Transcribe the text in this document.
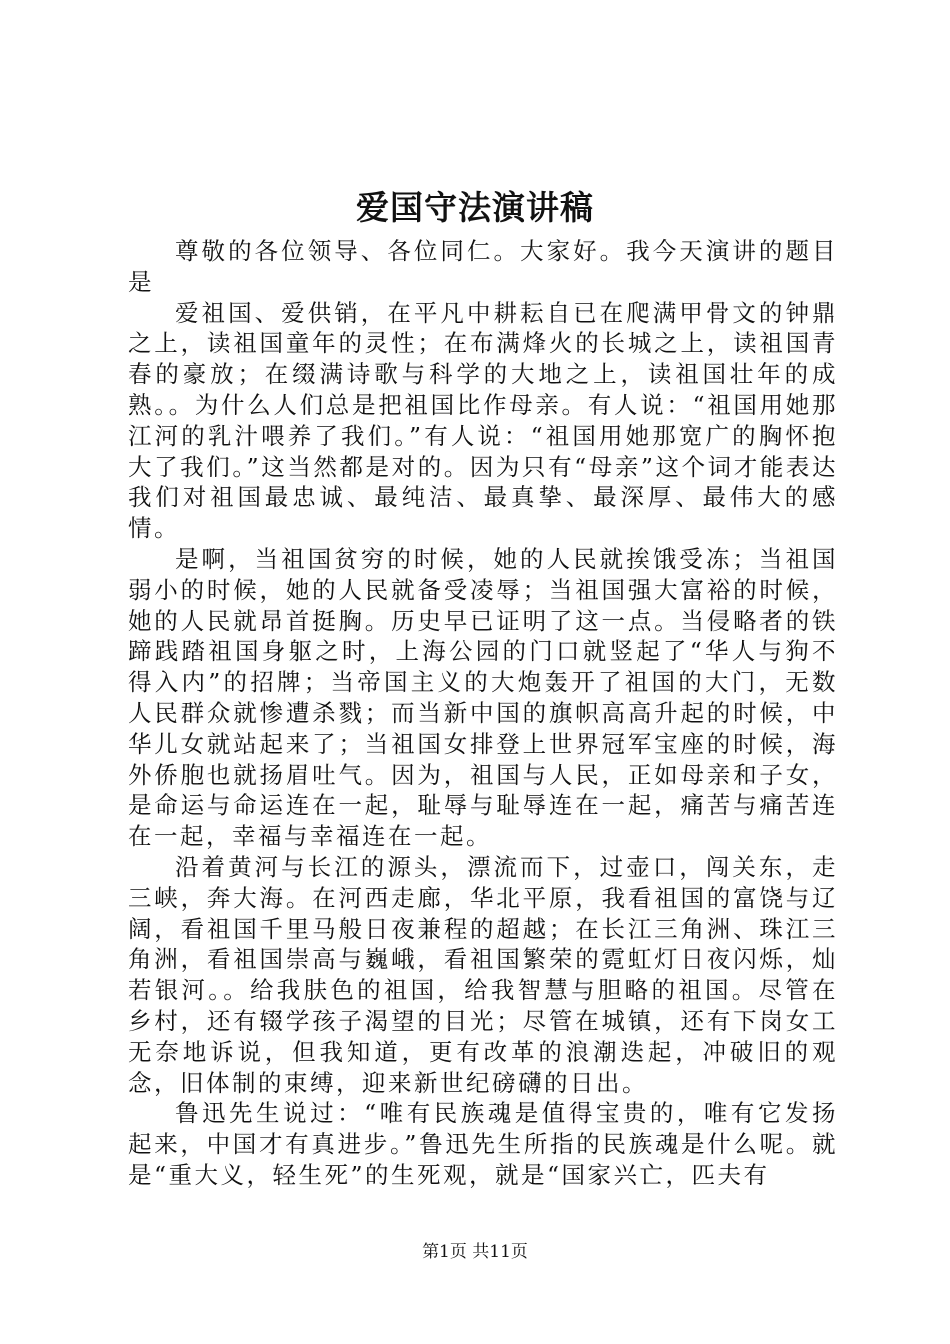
爱国守法演讲稿

尊敬的各位领导、各位同仁。大家好。我今天演讲的题目是

爱祖国、爱供销，在平凡中耕耘自已在爬满甲骨文的钟鼎之上，读祖国童年的灵性；在布满烽火的长城之上，读祖国青春的豪放；在缀满诗歌与科学的大地之上，读祖国壮年的成熟。。为什么人们总是把祖国比作母亲。有人说：“祖国用她那江河的乳汁喂养了我们。”有人说：“祖国用她那宽广的胸怀抱大了我们。”这当然都是对的。因为只有“母亲”这个词才能表达我们对祖国最忠诚、最纯洁、最真挚、最深厚、最伟大的感情。

是啊，当祖国贫穷的时候，她的人民就挨饿受冻；当祖国弱小的时候，她的人民就备受凌辱；当祖国强大富裕的时候，她的人民就昂首挺胸。历史早已证明了这一点。当侵略者的铁蹄践踏祖国身躯之时，上海公园的门口就竖起了“华人与狗不得入内”的招牌；当帝国主义的大炮轰开了祖国的大门，无数人民群众就惨遭杀戮；而当新中国的旗帜高高升起的时候，中华儿女就站起来了；当祖国女排登上世界冠军宝座的时候，海外侨胞也就扬眉吐气。因为，祖国与人民，正如母亲和子女，是命运与命运连在一起，耻辱与耻辱连在一起，痛苦与痛苦连在一起，幸福与幸福连在一起。

沿着黄河与长江的源头，漂流而下，过壶口，闯关东，走三峡，奔大海。在河西走廊，华北平原，我看祖国的富饶与辽阔，看祖国千里马般日夜兼程的超越；在长江三角洲、珠江三角洲，看祖国崇高与巍峨，看祖国繁荣的霓虹灯日夜闪烁，灿若银河。。给我肤色的祖国，给我智慧与胆略的祖国。尽管在乡村，还有辍学孩子渴望的目光；尽管在城镇，还有下岗女工无奈地诉说，但我知道，更有改革的浪潮迭起，冲破旧的观念，旧体制的束缚，迎来新世纪磅礴的日出。

鲁迅先生说过：“唯有民族魂是值得宝贵的，唯有它发扬起来，中国才有真进步。”鲁迅先生所指的民族魂是什么呢。就是“重大义，轻生死”的生死观，就是“国家兴亡，匹夫有

第1页 共11页
